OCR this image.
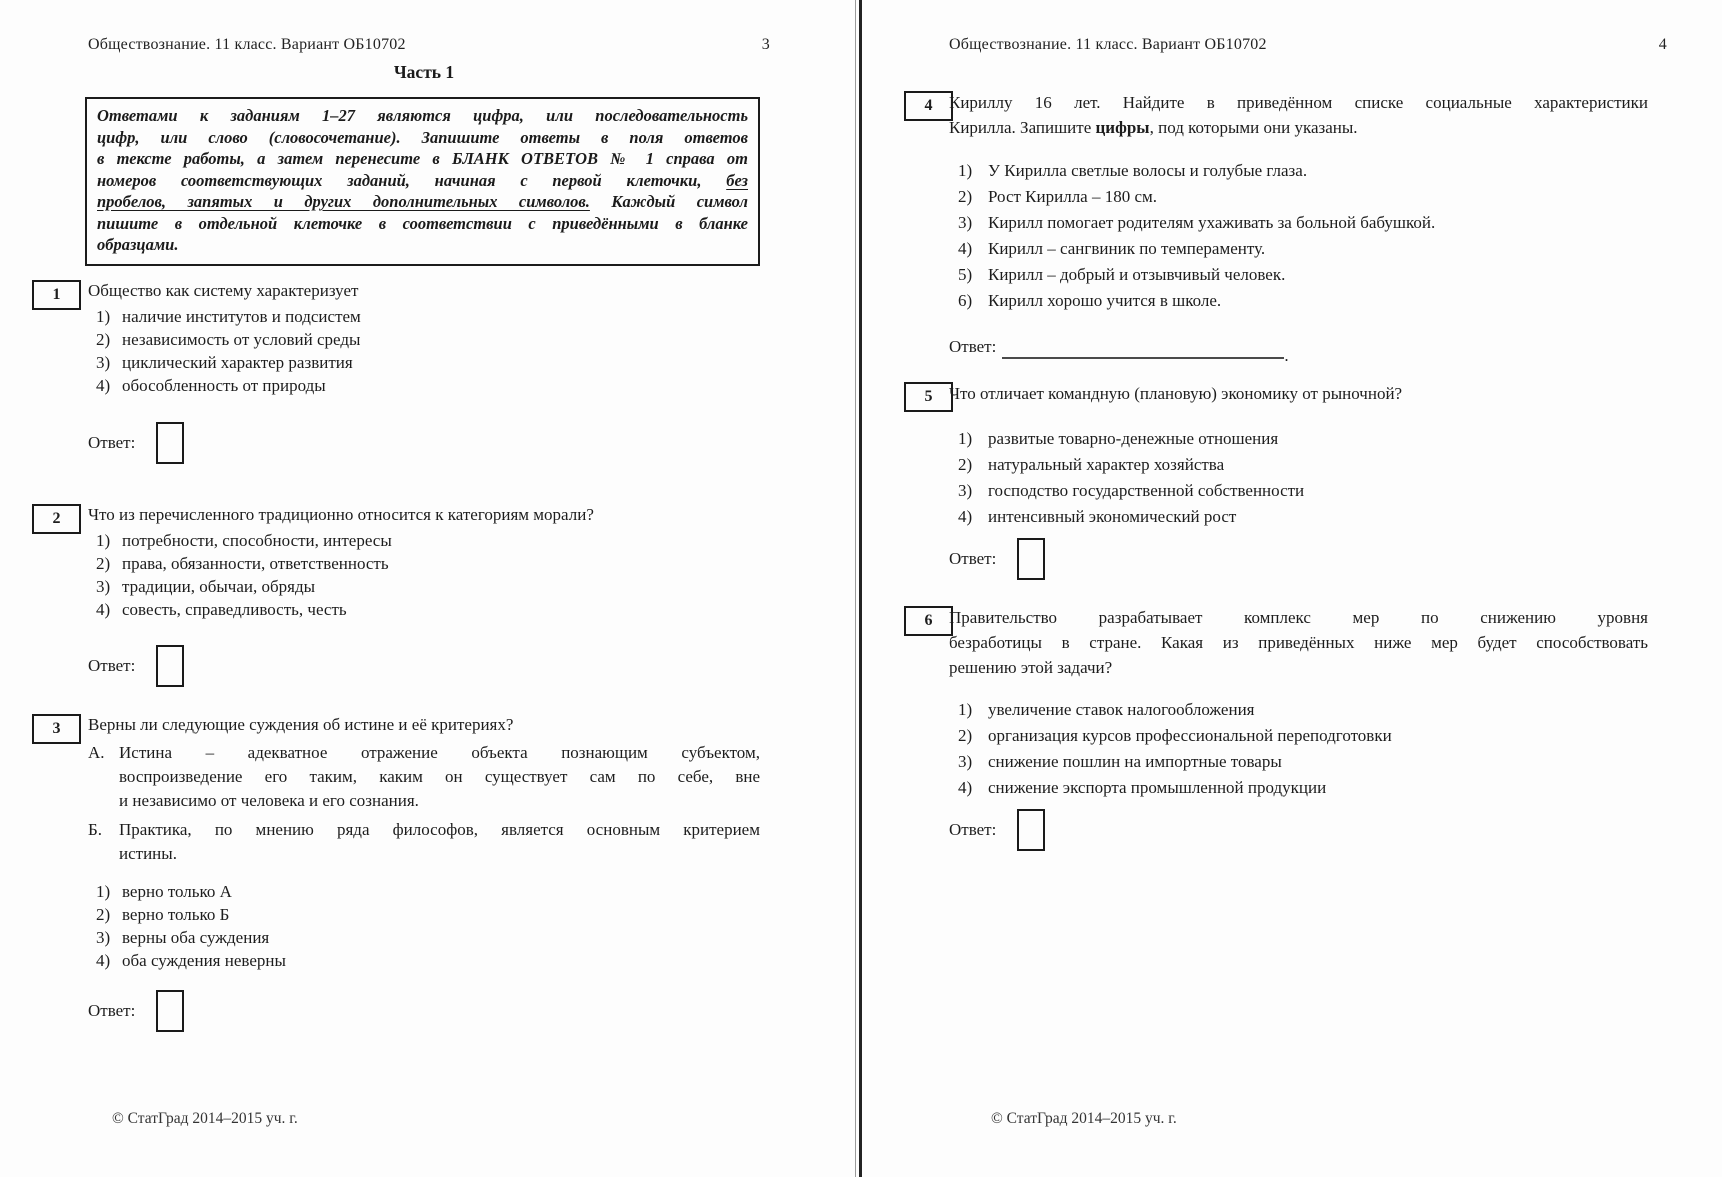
Обществознание. 11 класс. Вариант ОБ10702	3
Часть 1
Ответами к заданиям 1–27 являются цифра, или последовательность
цифр, или слово (словосочетание). Запишите ответы в поля ответов
в тексте работы, а затем перенесите в БЛАНК ОТВЕТОВ № 1 справа от
номеров соответствующих заданий, начиная с первой клеточки, без
пробелов, запятых и других дополнительных символов. Каждый символ
пишите в отдельной клеточке в соответствии с приведёнными в бланке
образцами.
1	Общество как систему характеризует

наличие институтов и подсистем
независимость от условий среды
циклический характер развития
обособленность от природы
Ответ:
2	Что из перечисленного традиционно относится к категориям морали?

потребности, способности, интересы
права, обязанности, ответственность
традиции, обычаи, обряды
совесть, справедливость, честь
Ответ:
3	Верны ли следующие суждения об истине и её критериях?

А. Истина – адекватное отражение объекта познающим субъектом,
воспроизведение его таким, каким он существует сам по себе, вне
и независимо от человека и его сознания.
Б. Практика, по мнению ряда философов, является основным критерием
истины.
верно только А
верно только Б
верны оба суждения
оба суждения неверны
Ответ:
© СтатГрад 2014–2015 уч. г.
Обществознание. 11 класс. Вариант ОБ10702	4
4 Кириллу 16 лет. Найдите в приведённом списке социальные характеристики
Кирилла. Запишите цифры, под которыми они указаны.
У Кирилла светлые волосы и голубые глаза.
Рост Кирилла – 180 см.
Кирилл помогает родителям ухаживать за больной бабушкой.
Кирилл – сангвиник по темпераменту.
Кирилл – добрый и отзывчивый человек.
Кирилл хорошо учится в школе.
Ответ:	.
5 Что отличает командную (плановую) экономику от рыночной?

развитые товарно-денежные отношения
натуральный характер хозяйства
господство государственной собственности
интенсивный экономический рост
Ответ:
6 Правительство разрабатывает комплекс мер по снижению уровня
безработицы в стране. Какая из приведённых ниже мер будет способствовать
решению этой задачи?
увеличение ставок налогообложения
организация курсов профессиональной переподготовки
снижение пошлин на импортные товары
снижение экспорта промышленной продукции
Ответ:
© СтатГрад 2014–2015 уч. г.
